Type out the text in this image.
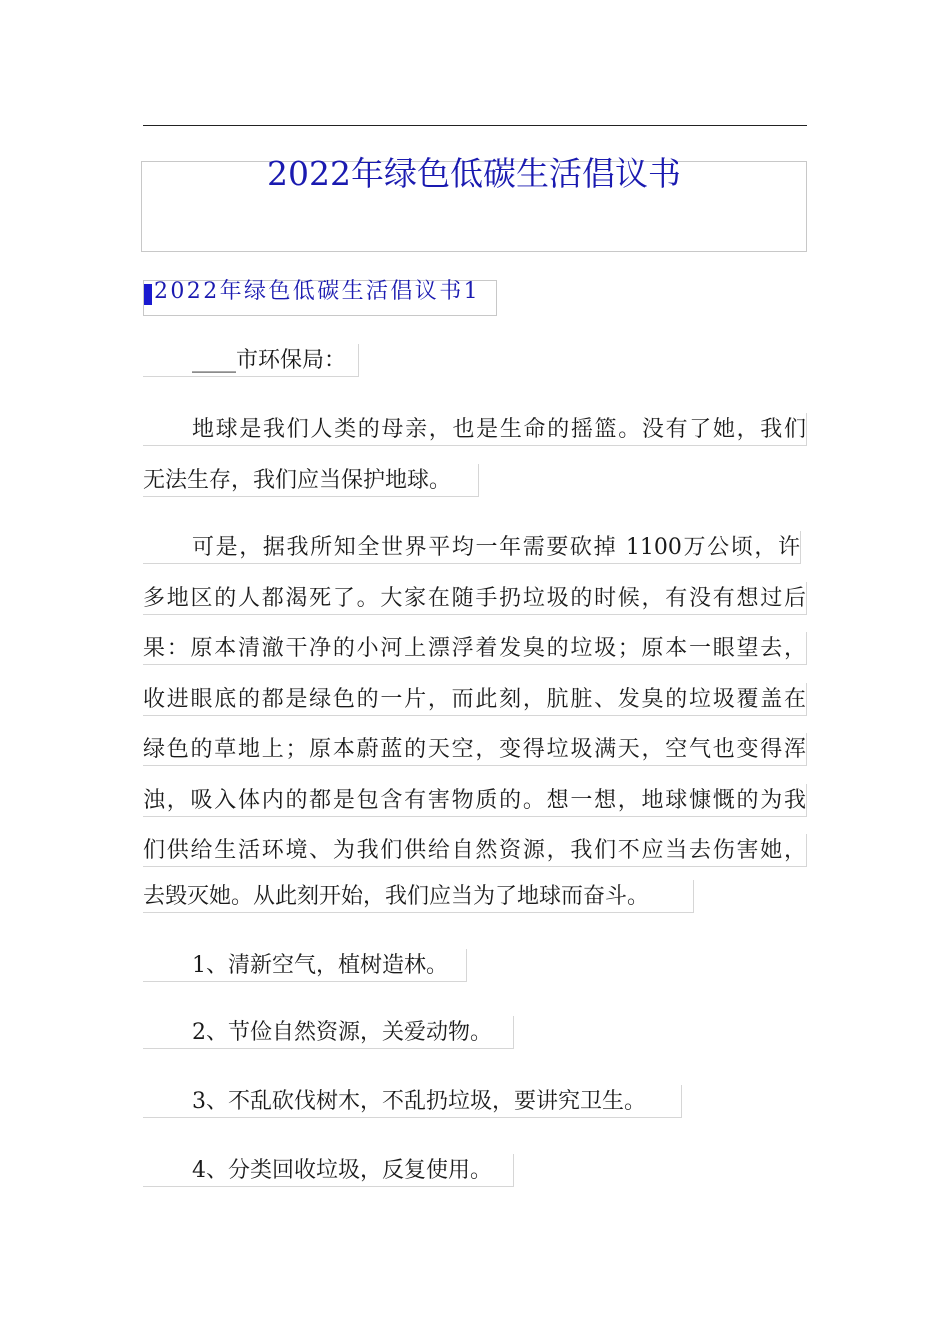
2022年绿色低碳生活倡议书
2022年绿色低碳生活倡议书1
____市环保局：
地球是我们人类的母亲，也是生命的摇篮。没有了她，我们
无法生存，我们应当保护地球。
可是，据我所知全世界平均一年需要砍掉 1100万公顷，许
多地区的人都渴死了。大家在随手扔垃圾的时候，有没有想过后
果：原本清澈干净的小河上漂浮着发臭的垃圾；原本一眼望去，
收进眼底的都是绿色的一片，而此刻，肮脏、发臭的垃圾覆盖在
绿色的草地上；原本蔚蓝的天空，变得垃圾满天，空气也变得浑
浊，吸入体内的都是包含有害物质的。想一想，地球慷慨的为我
们供给生活环境、为我们供给自然资源，我们不应当去伤害她，
去毁灭她。从此刻开始，我们应当为了地球而奋斗。
1、清新空气，植树造林。
2、节俭自然资源，关爱动物。
3、不乱砍伐树木，不乱扔垃圾，要讲究卫生。
4、分类回收垃圾，反复使用。
